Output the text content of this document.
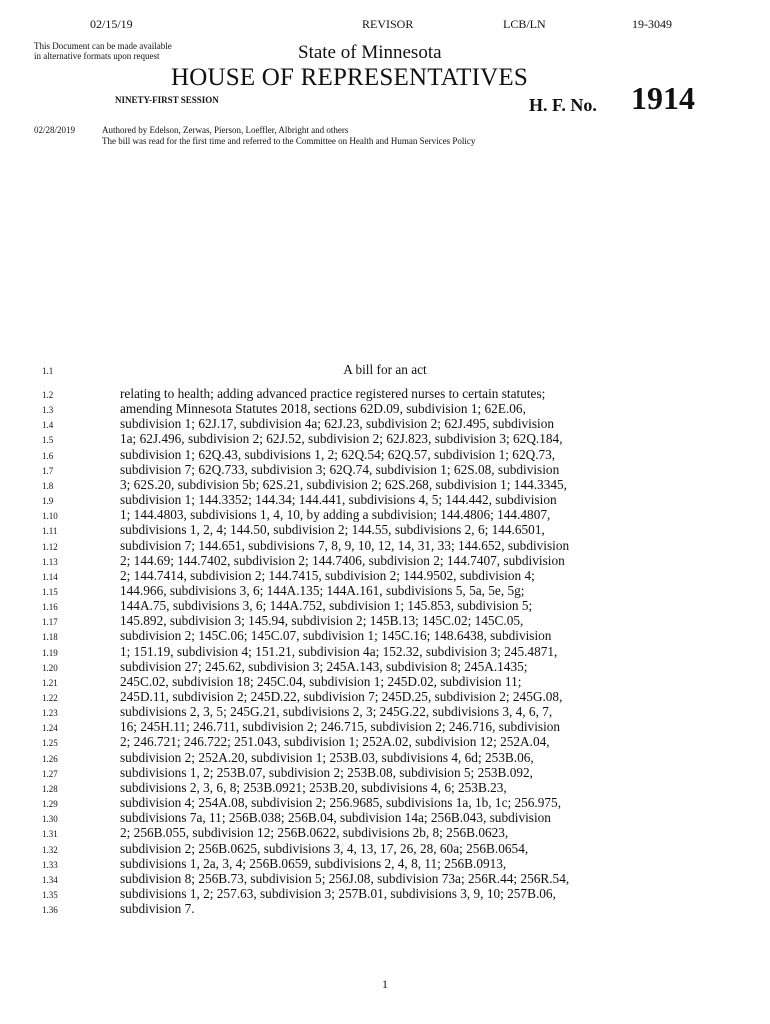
02/15/19	REVISOR	LCB/LN	19-3049
This Document can be made available
in alternative formats upon request	State of Minnesota
HOUSE OF REPRESENTATIVES
NINETY-FIRST SESSION	H. F. No. 1914
02/28/2019	Authored by Edelson, Zerwas, Pierson, Loeffler, Albright and others
The bill was read for the first time and referred to the Committee on Health and Human Services Policy
1.1	A bill for an act
1.2	relating to health; adding advanced practice registered nurses to certain statutes;
1.3	amending Minnesota Statutes 2018, sections 62D.09, subdivision 1; 62E.06,
1.4	subdivision 1; 62J.17, subdivision 4a; 62J.23, subdivision 2; 62J.495, subdivision
1.5	1a; 62J.496, subdivision 2; 62J.52, subdivision 2; 62J.823, subdivision 3; 62Q.184,
1.6	subdivision 1; 62Q.43, subdivisions 1, 2; 62Q.54; 62Q.57, subdivision 1; 62Q.73,
1.7	subdivision 7; 62Q.733, subdivision 3; 62Q.74, subdivision 1; 62S.08, subdivision
1.8	3; 62S.20, subdivision 5b; 62S.21, subdivision 2; 62S.268, subdivision 1; 144.3345,
1.9	subdivision 1; 144.3352; 144.34; 144.441, subdivisions 4, 5; 144.442, subdivision
1.10	1; 144.4803, subdivisions 1, 4, 10, by adding a subdivision; 144.4806; 144.4807,
1.11	subdivisions 1, 2, 4; 144.50, subdivision 2; 144.55, subdivisions 2, 6; 144.6501,
1.12	subdivision 7; 144.651, subdivisions 7, 8, 9, 10, 12, 14, 31, 33; 144.652, subdivision
1.13	2; 144.69; 144.7402, subdivision 2; 144.7406, subdivision 2; 144.7407, subdivision
1.14	2; 144.7414, subdivision 2; 144.7415, subdivision 2; 144.9502, subdivision 4;
1.15	144.966, subdivisions 3, 6; 144A.135; 144A.161, subdivisions 5, 5a, 5e, 5g;
1.16	144A.75, subdivisions 3, 6; 144A.752, subdivision 1; 145.853, subdivision 5;
1.17	145.892, subdivision 3; 145.94, subdivision 2; 145B.13; 145C.02; 145C.05,
1.18	subdivision 2; 145C.06; 145C.07, subdivision 1; 145C.16; 148.6438, subdivision
1.19	1; 151.19, subdivision 4; 151.21, subdivision 4a; 152.32, subdivision 3; 245.4871,
1.20	subdivision 27; 245.62, subdivision 3; 245A.143, subdivision 8; 245A.1435;
1.21	245C.02, subdivision 18; 245C.04, subdivision 1; 245D.02, subdivision 11;
1.22	245D.11, subdivision 2; 245D.22, subdivision 7; 245D.25, subdivision 2; 245G.08,
1.23	subdivisions 2, 3, 5; 245G.21, subdivisions 2, 3; 245G.22, subdivisions 3, 4, 6, 7,
1.24	16; 245H.11; 246.711, subdivision 2; 246.715, subdivision 2; 246.716, subdivision
1.25	2; 246.721; 246.722; 251.043, subdivision 1; 252A.02, subdivision 12; 252A.04,
1.26	subdivision 2; 252A.20, subdivision 1; 253B.03, subdivisions 4, 6d; 253B.06,
1.27	subdivisions 1, 2; 253B.07, subdivision 2; 253B.08, subdivision 5; 253B.092,
1.28	subdivisions 2, 3, 6, 8; 253B.0921; 253B.20, subdivisions 4, 6; 253B.23,
1.29	subdivision 4; 254A.08, subdivision 2; 256.9685, subdivisions 1a, 1b, 1c; 256.975,
1.30	subdivisions 7a, 11; 256B.038; 256B.04, subdivision 14a; 256B.043, subdivision
1.31	2; 256B.055, subdivision 12; 256B.0622, subdivisions 2b, 8; 256B.0623,
1.32	subdivision 2; 256B.0625, subdivisions 3, 4, 13, 17, 26, 28, 60a; 256B.0654,
1.33	subdivisions 1, 2a, 3, 4; 256B.0659, subdivisions 2, 4, 8, 11; 256B.0913,
1.34	subdivision 8; 256B.73, subdivision 5; 256J.08, subdivision 73a; 256R.44; 256R.54,
1.35	subdivisions 1, 2; 257.63, subdivision 3; 257B.01, subdivisions 3, 9, 10; 257B.06,
1.36	subdivision 7.
1
